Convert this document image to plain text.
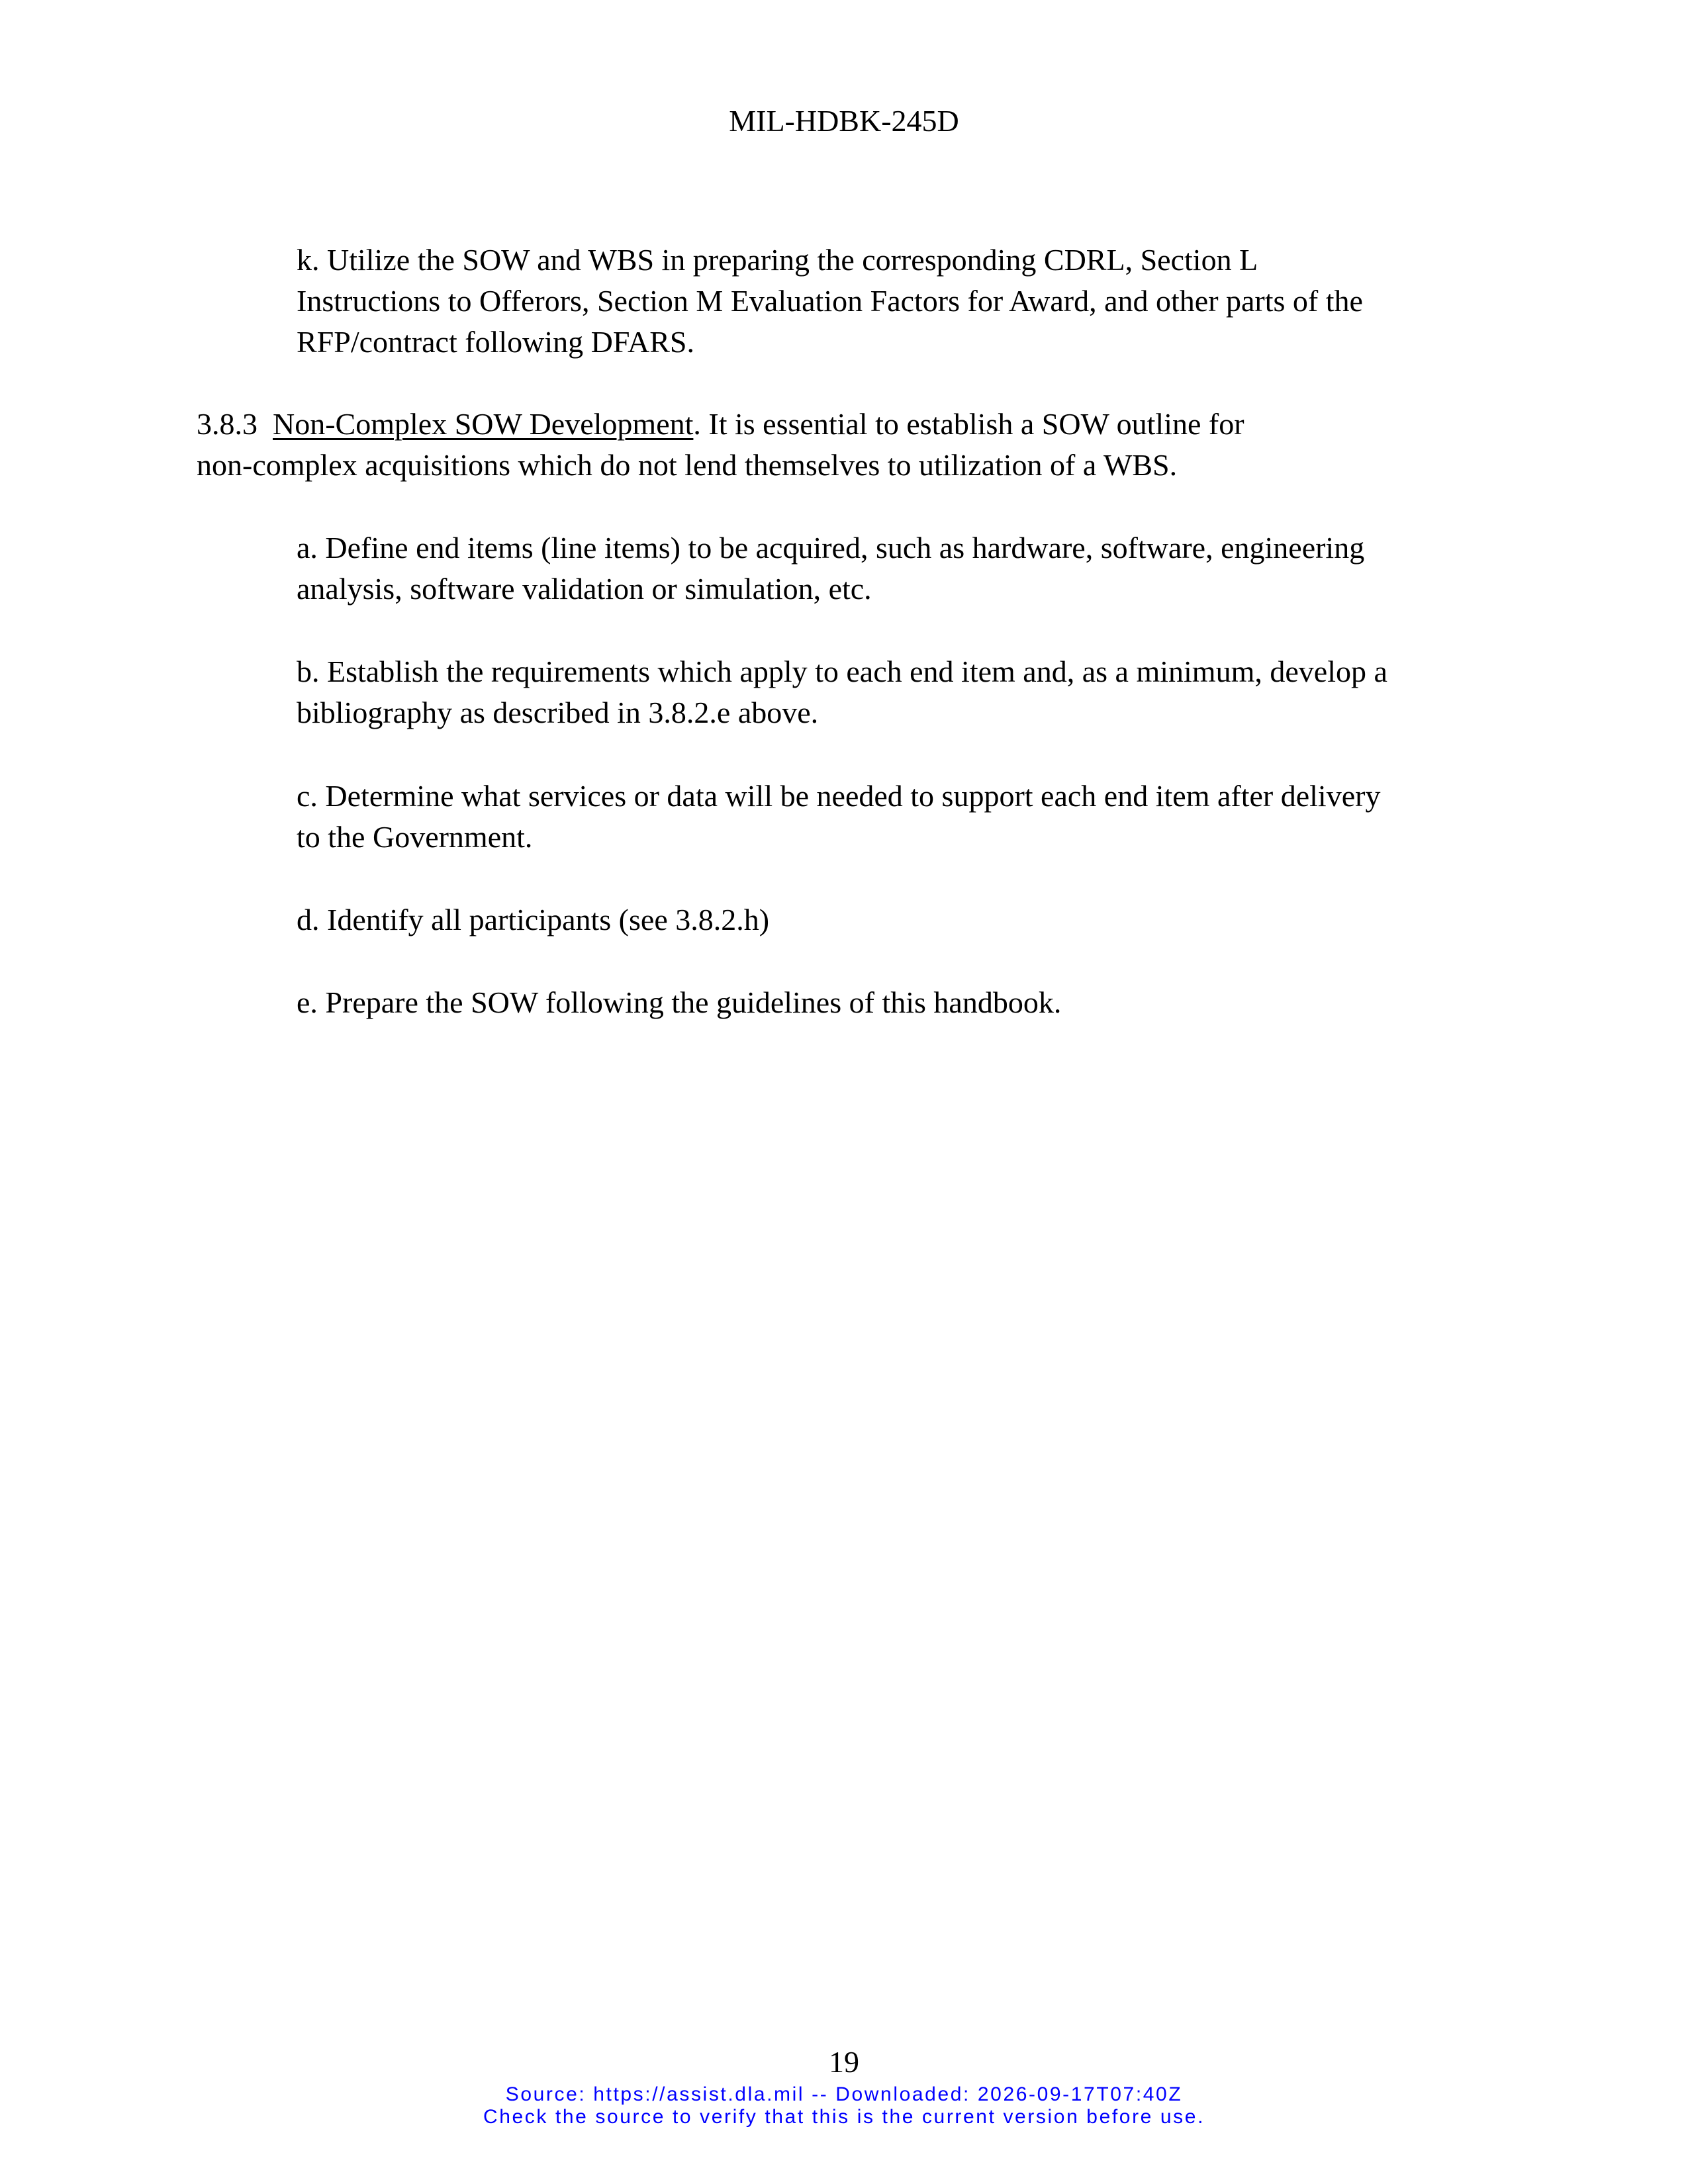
MIL-HDBK-245D
k. Utilize the SOW and WBS in preparing the corresponding CDRL, Section L
Instructions to Offerors, Section M Evaluation Factors for Award, and other parts of the
RFP/contract following DFARS.
3.8.3  Non-Complex SOW Development. It is essential to establish a SOW outline for
non-complex acquisitions which do not lend themselves to utilization of a WBS.
a. Define end items (line items) to be acquired, such as hardware, software, engineering
analysis, software validation or simulation, etc.
b. Establish the requirements which apply to each end item and, as a minimum, develop a
bibliography as described in 3.8.2.e above.
c. Determine what services or data will be needed to support each end item after delivery
to the Government.
d. Identify all participants (see 3.8.2.h)
e. Prepare the SOW following the guidelines of this handbook.
19
Source: https://assist.dla.mil -- Downloaded: 2026-09-17T07:40Z
Check the source to verify that this is the current version before use.
